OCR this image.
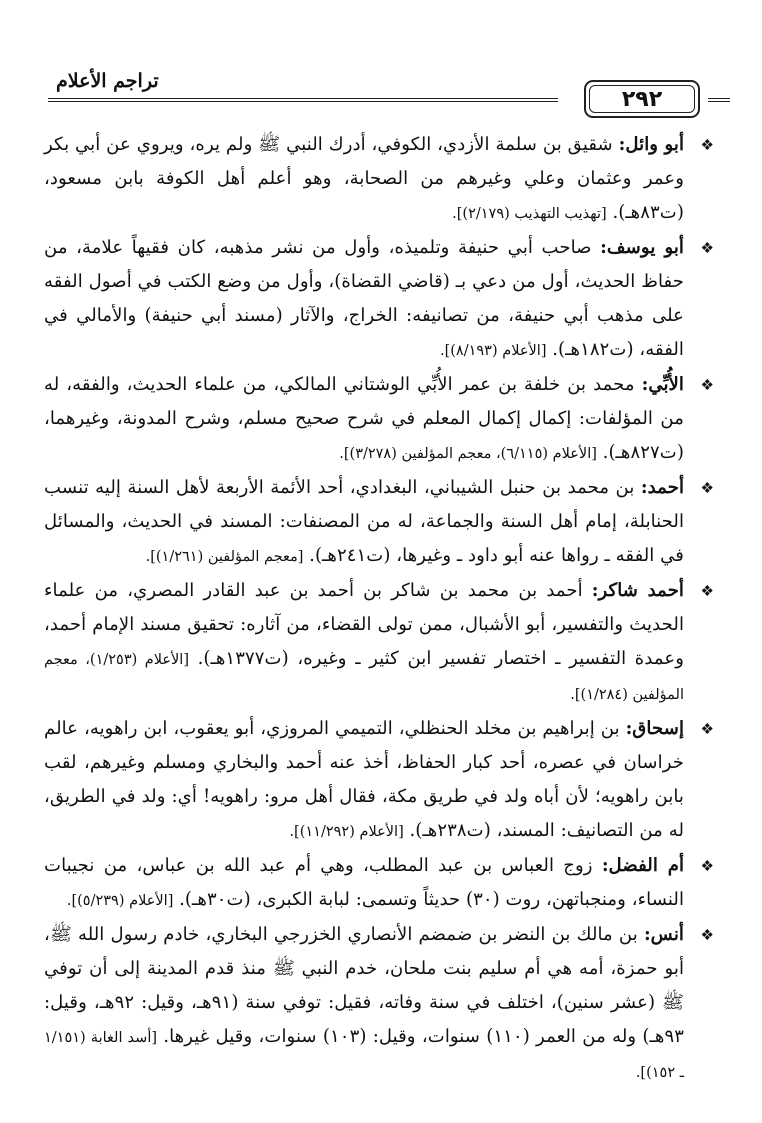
٢٩٢
تراجم الأعلام
❖
أبو وائل: شقيق بن سلمة الأزدي، الكوفي، أدرك النبي ﷺ ولم يره، ويروي عن أبي بكر وعمر وعثمان وعلي وغيرهم من الصحابة، وهو أعلم أهل الكوفة بابن مسعود، (ت٨٣هـ). [تهذيب التهذيب (٢/١٧٩)].
❖
أبو يوسف: صاحب أبي حنيفة وتلميذه، وأول من نشر مذهبه، كان فقيهاً علامة، من حفاظ الحديث، أول من دعي بـ (قاضي القضاة)، وأول من وضع الكتب في أصول الفقه على مذهب أبي حنيفة، من تصانيفه: الخراج، والآثار (مسند أبي حنيفة) والأمالي في الفقه، (ت١٨٢هـ). [الأعلام (٨/١٩٣)].
❖
الأُبِّي: محمد بن خلفة بن عمر الأُبِّي الوشتاني المالكي، من علماء الحديث، والفقه، له من المؤلفات: إكمال إكمال المعلم في شرح صحيح مسلم، وشرح المدونة، وغيرهما، (ت٨٢٧هـ). [الأعلام (٦/١١٥)، معجم المؤلفين (٣/٢٧٨)].
❖
أحمد: بن محمد بن حنبل الشيباني، البغدادي، أحد الأئمة الأربعة لأهل السنة إليه تنسب الحنابلة، إمام أهل السنة والجماعة، له من المصنفات: المسند في الحديث، والمسائل في الفقه ـ رواها عنه أبو داود ـ وغيرها، (ت٢٤١هـ). [معجم المؤلفين (١/٢٦١)].
❖
أحمد شاكر: أحمد بن محمد بن شاكر بن أحمد بن عبد القادر المصري، من علماء الحديث والتفسير، أبو الأشبال، ممن تولى القضاء، من آثاره: تحقيق مسند الإمام أحمد، وعمدة التفسير ـ اختصار تفسير ابن كثير ـ وغيره، (ت١٣٧٧هـ). [الأعلام (١/٢٥٣)، معجم المؤلفين (١/٢٨٤)].
❖
إسحاق: بن إبراهيم بن مخلد الحنظلي، التميمي المروزي، أبو يعقوب، ابن راهويه، عالم خراسان في عصره، أحد كبار الحفاظ، أخذ عنه أحمد والبخاري ومسلم وغيرهم، لقب بابن راهويه؛ لأن أباه ولد في طريق مكة، فقال أهل مرو: راهويه! أي: ولد في الطريق، له من التصانيف: المسند، (ت٢٣٨هـ). [الأعلام (١١/٢٩٢)].
❖
أم الفضل: زوج العباس بن عبد المطلب، وهي أم عبد الله بن عباس، من نجيبات النساء، ومنجباتهن، روت (٣٠) حديثاً وتسمى: لبابة الكبرى، (ت٣٠هـ). [الأعلام (٥/٢٣٩)].
❖
أنس: بن مالك بن النضر بن ضمضم الأنصاري الخزرجي البخاري، خادم رسول الله ﷺ، أبو حمزة، أمه هي أم سليم بنت ملحان، خدم النبي ﷺ منذ قدم المدينة إلى أن توفي ﷺ (عشر سنين)، اختلف في سنة وفاته، فقيل: توفي سنة (٩١هـ، وقيل: ٩٢هـ، وقيل: ٩٣هـ) وله من العمر (١١٠) سنوات، وقيل: (١٠٣) سنوات، وقيل غيرها. [أسد الغابة (١/١٥١ ـ ١٥٢)].
